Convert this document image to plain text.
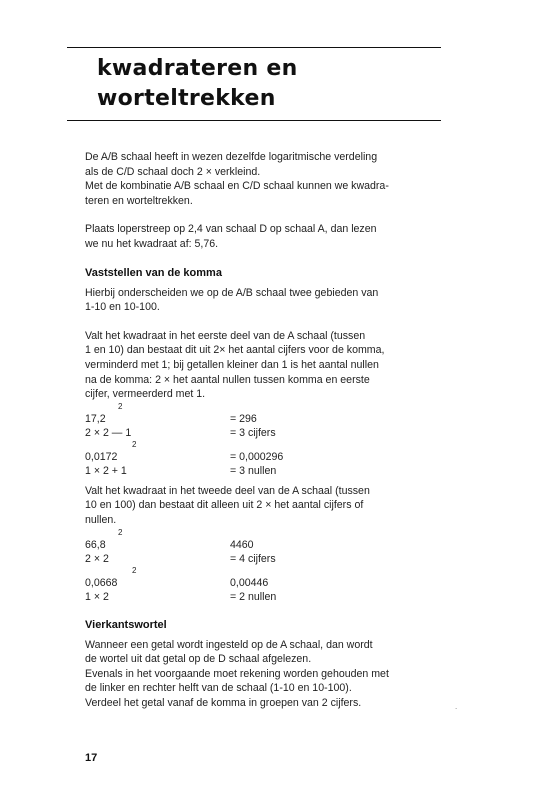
kwadrateren en
worteltrekken

De A/B schaal heeft in wezen dezelfde logaritmische verdeling
als de C/D schaal doch 2 × verkleind.
Met de kombinatie A/B schaal en C/D schaal kunnen we kwadra-
teren en worteltrekken.

Plaats loperstreep op 2,4 van schaal D op schaal A, dan lezen
we nu het kwadraat af: 5,76.

Vaststellen van de komma

Hierbij onderscheiden we op de A/B schaal twee gebieden van
1-10 en 10-100.

Valt het kwadraat in het eerste deel van de A schaal (tussen
1 en 10) dan bestaat dit uit 2× het aantal cijfers voor de komma,
verminderd met 1; bij getallen kleiner dan 1 is het aantal nullen
na de komma: 2 × het aantal nullen tussen komma en eerste
cijfer, vermeerderd met 1.

2
17,2	= 296
2 × 2 — 1	= 3 cijfers
2
0,0172	= 0,000296
1 × 2 + 1	= 3 nullen

Valt het kwadraat in het tweede deel van de A schaal (tussen
10 en 100) dan bestaat dit alleen uit 2 × het aantal cijfers of
nullen.

2
66,8	4460
2 × 2	= 4 cijfers
2
0,0668	0,00446
1 × 2	= 2 nullen
Vierkantswortel

Wanneer een getal wordt ingesteld op de A schaal, dan wordt
de wortel uit dat getal op de D schaal afgelezen.
Evenals in het voorgaande moet rekening worden gehouden met
de linker en rechter helft van de schaal (1-10 en 10-100).
Verdeel het getal vanaf de komma in groepen van 2 cijfers.	.
17
